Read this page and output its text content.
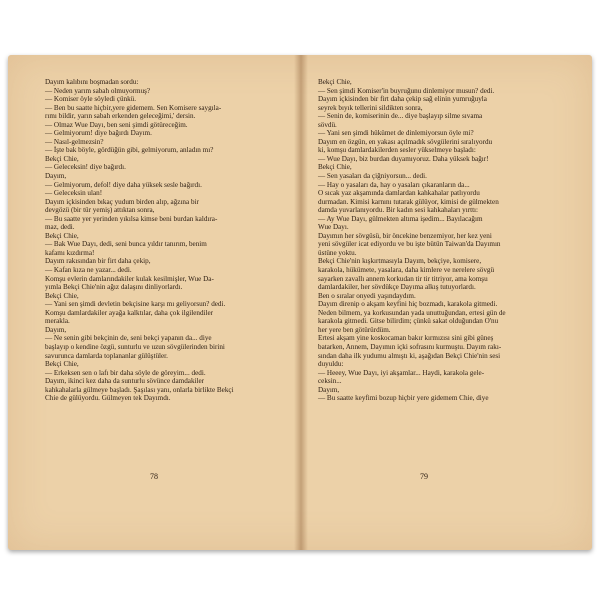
Dayım kalıbını boşmadan sordu:

— Neden yarım sabah olmuyormuş?

— Komiser öyle söyledi çünkü.

— Ben bu saatte hiçbir,yere gidemem. Sen Komisere saygıla-

rımı bildir, yarın sabah erkenden geleceğimi,' dersin.

— Olmaz Wue Dayı, ben seni şimdi götüreceğim.

— Gelmiyorum! diye bağırdı Dayım.

— Nasıl-gelmezsin?

— İşte bak böyle, gördüğün gibi, gelmiyorum, anladın mı?

Bekçi Chie,

— Geleceksin! diye bağırdı.

Dayım,

— Gelmiyorum, defol! diye daha yüksek sesle bağırdı.

— Geleceksin ulan!

Dayım içkisinden bıkaç yudum birden alıp, ağzına bir

devgözü (bir tür yemiş) attıktan sonra,

— Bu saatte yer yerinden yıkılsa kimse beni burdan kaldıra-

maz, dedi.

Bekçi Chie,

— Bak Wue Dayı, dedi, seni bunca yıldır tanırım, benim

kafamı kızdırma!

Dayım rakısından bir firt daha çekip,

— Kafan kıza ne yazar... dedi.

Komşu evlerin damlarındakiler kulak kesilmişler, Wue Da-

yımla Bekçi Chie'nin ağız dalaşını dinliyorlardı.

Bekçi Chie,

— Yani sen şimdi devletin bekçisine karşı mı geliyorsun? dedi.

Komşu damlardakiler ayağa kalktılar, daha çok ilgilendiler

merakla.

Dayım,

— Ne senin gibi bekçinin de, seni bekçi yapanın da... diye

başlayıp o kendine özgü, sunturlu ve uzun sövgülerinden birini

savurunca damlarda toplananlar gülüştüler.

Bekçi Chie,

— Erkeksen sen o lafı bir daha söyle de göreyim... dedi.

Dayım, ikinci kez daha da sunturlu sövünce damdakiler

kahkahalarla gülmeye başladı. Şaşılası yanı, onlarla birlikte Bekçi

Chie de gülüyordu. Gülmeyen tek Dayımdı.

Bekçi Chie,

— Sen şimdi Komiser'in buyruğunu dinlemiyor musun? dedi.

Dayım içkisinden bir firt daha çekip sağ elinin yumruğuyla

seyrek bıyık tellerini sildikten sonra,

— Senin de, komiserinin de... diye başlayıp silme sıvama

sövdü.

— Yani sen şimdi hükümet de dinlemiyorsun öyle mi?

Dayım en özgün, en yakası açılmadık sövgülerini sıralıyordu

ki, komşu damlardakilerden sesler yükselmeye başladı:

— Wue Dayı, biz burdan duyamıyoruz. Daha yüksek bağır!

Bekçi Chie,

— Sen yasaları da çiğniyorsun... dedi.

— Hay o yasaları da, hay o yasaları çıkaranların da...

O sıcak yaz akşamında damlardan kahkahalar patlıyordu

durmadan. Kimisi karnını tutarak gülüyor, kimisi de gülmekten

damda yuvarlanıyordu. Bir kadın sesi kahkahaları yırttı:

— Ay Wue Dayı, gülmekten altıma işedim... Bayılacağım

Wue Dayı.

Dayımın her sövgüsü, bir öncekine benzemiyor, her kez yeni

yeni sövgüler icat ediyordu ve bu işte bütün Taiwan'da Dayımın

üstüne yoktu.

Bekçi Chie'nin kışkırtmasıyla Dayım, bekçiye, komisere,

karakola, hükümete, yasalara, daha kimlere ve nerelere sövgü

sayarken zavallı annem korkudan tir tir titriyor, ama komşu

damlardakiler, her sövdükçe Dayıma alkış tutuyorlardı.

Ben o sıralar onyedi yaşındaydım.

Dayım direnip o akşam keyfini hiç bozmadı, karakola gitmedi.

Neden bilmem, ya korkusundan yada unuttuğundan, ertesi gün de

karakola gitmedi. Gitse bilirdim; çünkü sakat olduğundan O'nu

her yere ben götürürdüm.

Ertesi akşam yine koskocaman bakır kırmızısı sini gibi güneş

batarken, Annem, Dayımın içki sofrasını kurmuştu. Dayım rakı-

sından daha ilk yudumu almıştı ki, aşağıdan Bekçi Chie'nin sesi

duyuldu:

— Heeey, Wue Dayı, iyi akşamlar... Haydi, karakola gele-

ceksin...

Dayım,

— Bu saatte keyfimi bozup hiçbir yere gidemem Chie, diye

78	79
